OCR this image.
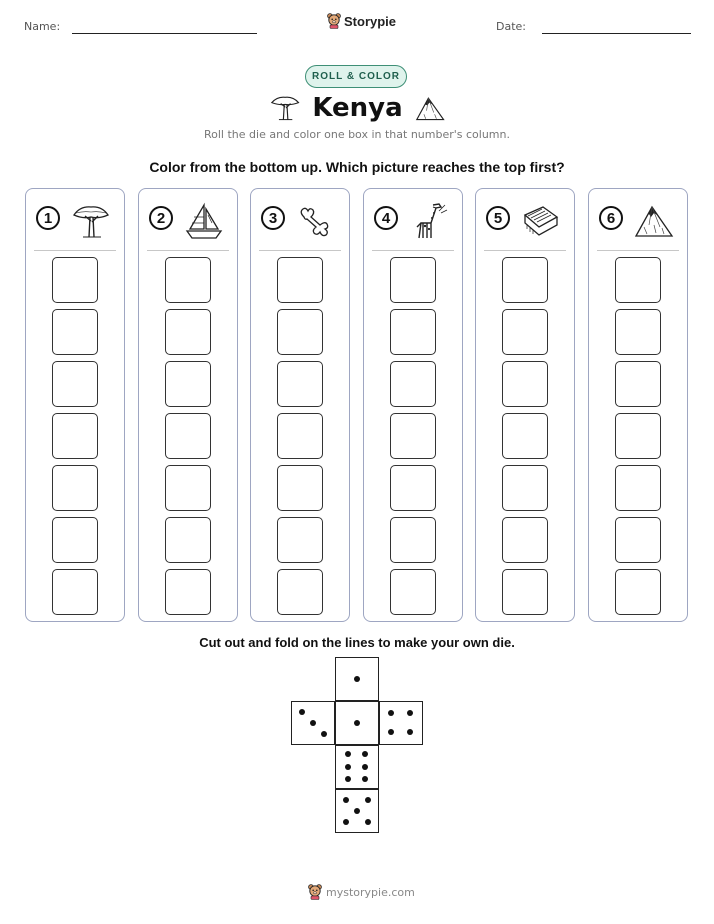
Name:	Storypie	Date:
ROLL & COLOR
Kenya
Roll the die and color one box in that number's column.
Color from the bottom up. Which picture reaches the top first?
1	2	3	4	5	6
Cut out and fold on the lines to make your own die.
mystorypie.com
